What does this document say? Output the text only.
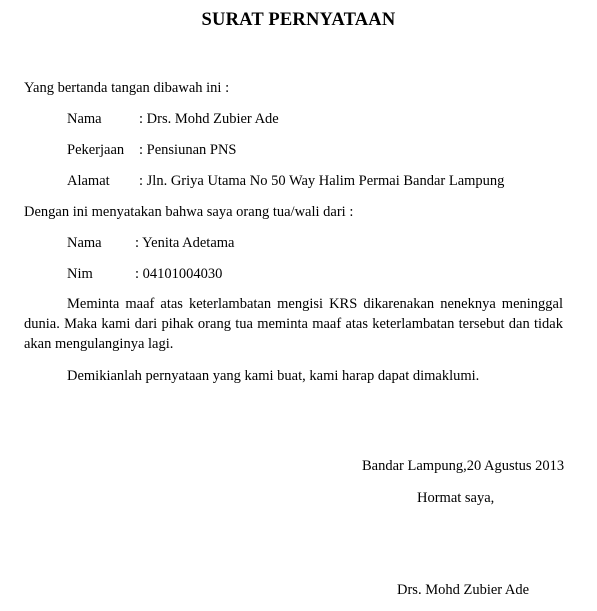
SURAT PERNYATAAN
Yang bertanda tangan dibawah ini :
Nama	: Drs. Mohd Zubier Ade
Pekerjaan : Pensiunan PNS
Alamat : Jln. Griya Utama No 50 Way Halim Permai Bandar Lampung
Dengan ini menyatakan bahwa saya orang tua/wali dari :
Nama : Yenita Adetama
Nim	: 04101004030
Meminta maaf atas keterlambatan mengisi KRS dikarenakan neneknya meninggal dunia. Maka kami dari pihak orang tua meminta maaf atas keterlambatan tersebut dan tidak akan mengulanginya lagi.
Demikianlah pernyataan yang kami buat, kami harap dapat dimaklumi.
Bandar Lampung,20 Agustus 2013
Hormat saya,
Drs. Mohd Zubier Ade
